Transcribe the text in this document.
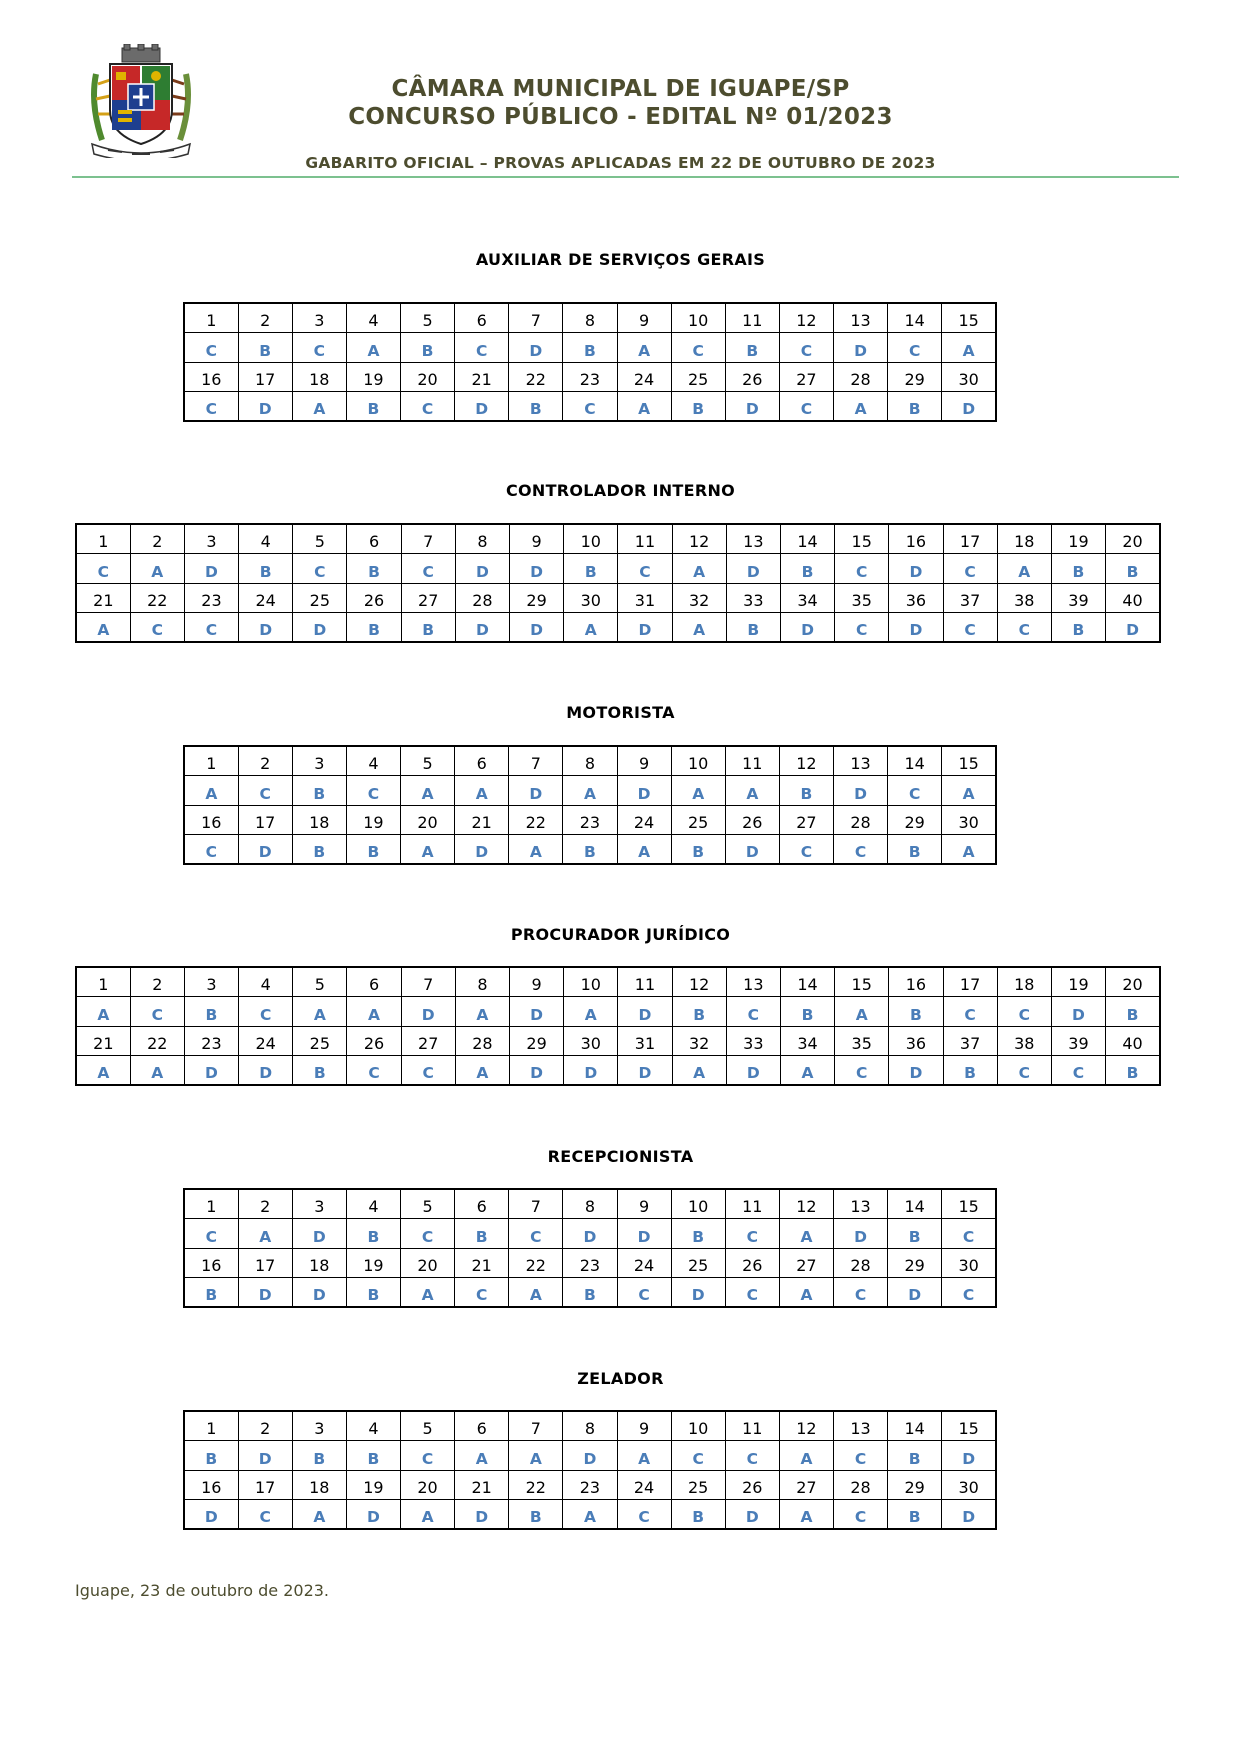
CÂMARA MUNICIPAL DE IGUAPE/SP
CONCURSO PÚBLICO - EDITAL Nº 01/2023
GABARITO OFICIAL – PROVAS APLICADAS EM 22 DE OUTUBRO DE 2023
AUXILIAR DE SERVIÇOS GERAIS
1	2	3	4	5	6	7	8	9	10	11	12	13	14	15
C	B	C	A	B	C	D	B	A	C	B	C	D	C	A
16	17	18	19	20	21	22	23	24	25	26	27	28	29	30
C	D	A	B	C	D	B	C	A	B	D	C	A	B	D
CONTROLADOR INTERNO
1	2	3	4	5	6	7	8	9	10	11	12	13	14	15	16	17	18	19	20
C	A	D	B	C	B	C	D	D	B	C	A	D	B	C	D	C	A	B	B
21	22	23	24	25	26	27	28	29	30	31	32	33	34	35	36	37	38	39	40
A	C	C	D	D	B	B	D	D	A	D	A	B	D	C	D	C	C	B	D
MOTORISTA
1	2	3	4	5	6	7	8	9	10	11	12	13	14	15
A	C	B	C	A	A	D	A	D	A	A	B	D	C	A
16	17	18	19	20	21	22	23	24	25	26	27	28	29	30
C	D	B	B	A	D	A	B	A	B	D	C	C	B	A
PROCURADOR JURÍDICO
1	2	3	4	5	6	7	8	9	10	11	12	13	14	15	16	17	18	19	20
A	C	B	C	A	A	D	A	D	A	D	B	C	B	A	B	C	C	D	B
21	22	23	24	25	26	27	28	29	30	31	32	33	34	35	36	37	38	39	40
A	A	D	D	B	C	C	A	D	D	D	A	D	A	C	D	B	C	C	B
RECEPCIONISTA
1	2	3	4	5	6	7	8	9	10	11	12	13	14	15
C	A	D	B	C	B	C	D	D	B	C	A	D	B	C
16	17	18	19	20	21	22	23	24	25	26	27	28	29	30
B	D	D	B	A	C	A	B	C	D	C	A	C	D	C
ZELADOR
1	2	3	4	5	6	7	8	9	10	11	12	13	14	15
B	D	B	B	C	A	A	D	A	C	C	A	C	B	D
16	17	18	19	20	21	22	23	24	25	26	27	28	29	30
D	C	A	D	A	D	B	A	C	B	D	A	C	B	D
Iguape, 23 de outubro de 2023.
